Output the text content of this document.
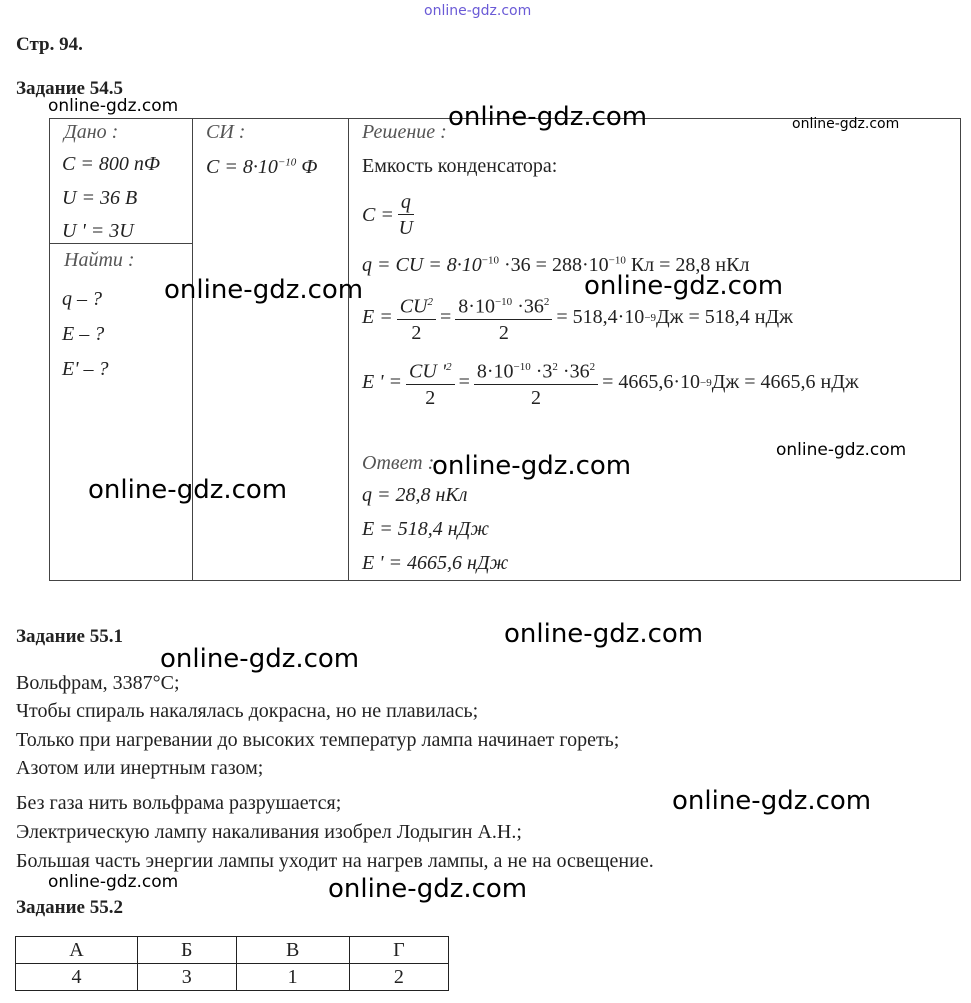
online-gdz.com
Стр. 94.
Задание 54.5
Дано :
C = 800 пФ
U = 36 В
U ' = 3U
Найти :
q – ?
E – ?
E' – ?
СИ :
$C = 8\cdot 10^{-10}$ Ф
Решение :
Емкость конденсатора:
$C = \frac{q}{U}$
q = CU = $8\cdot 10^{-10} \cdot 36 = 288\cdot 10^{-10}$ Кл = 28,8 нКл
$E = \frac{CU^2}{2} = \frac{8\cdot 10^{-10} \cdot 36^2}{2} = 518,4\cdot 10 -9$ Дж = 518,4 нДж
E ' = $\frac{CU '^2}{2} = \frac{8\cdot 10^{-10} \cdot 3^2 \cdot 36^2}{2} = 4665,6\cdot 10 -9$ Дж = 4665,6 нДж
Ответ :
q = 28,8 нКл
E = 518,4 нДж
E ' = 4665,6 нДж
Задание 55.1
Вольфрам, 3387°С;
Чтобы спираль накалялась докрасна, но не плавилась;
Только при нагревании до высоких температур лампа начинает гореть;
Азотом или инертным газом;
Без газа нить вольфрама разрушается;
Электрическую лампу накаливания изобрел Лодыгин А.Н.;
Большая часть энергии лампы уходит на нагрев лампы, а не на освещение.
Задание 55.2
А	Б	В	Г
4	3	1	2
online-gdz.com	online-gdz.com	online-gdz.com
online-gdz.com	online-gdz.com
online-gdz.com
online-gdz.com
online-gdz.com
online-gdz.com
online-gdz.com
online-gdz.com
online-gdz.com	online-gdz.com
